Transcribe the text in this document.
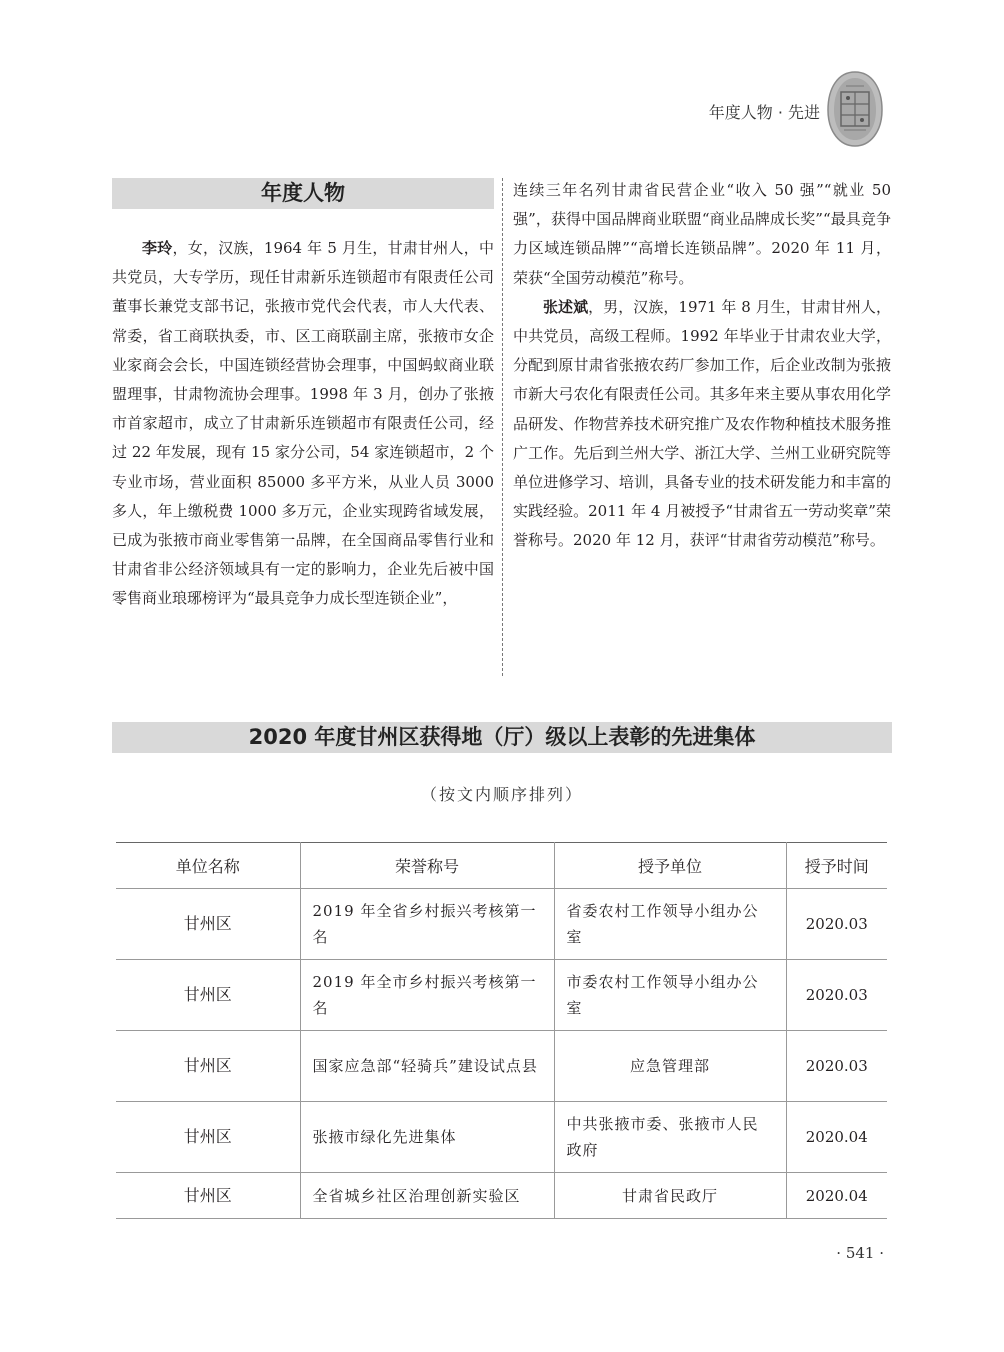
年度人物 · 先进
年度人物

李玲，女，汉族，1964 年 5 月生，甘肃甘州人，中共党员，大专学历，现任甘肃新乐连锁超市有限责任公司董事长兼党支部书记，张掖市党代会代表，市人大代表、常委，省工商联执委，市、区工商联副主席，张掖市女企业家商会会长，中国连锁经营协会理事，中国蚂蚁商业联盟理事，甘肃物流协会理事。1998 年 3 月，创办了张掖市首家超市，成立了甘肃新乐连锁超市有限责任公司，经过 22 年发展，现有 15 家分公司，54 家连锁超市，2 个专业市场，营业面积 85000 多平方米，从业人员 3000 多人，年上缴税费 1000 多万元，企业实现跨省域发展，已成为张掖市商业零售第一品牌，在全国商品零售行业和甘肃省非公经济领域具有一定的影响力，企业先后被中国零售商业琅琊榜评为“最具竞争力成长型连锁企业”，

连续三年名列甘肃省民营企业“收入 50 强”“就业 50 强”，获得中国品牌商业联盟“商业品牌成长奖”“最具竞争力区域连锁品牌”“高增长连锁品牌”。2020 年 11 月，荣获“全国劳动模范”称号。

张述斌，男，汉族，1971 年 8 月生，甘肃甘州人，中共党员，高级工程师。1992 年毕业于甘肃农业大学，分配到原甘肃省张掖农药厂参加工作，后企业改制为张掖市新大弓农化有限责任公司。其多年来主要从事农用化学品研发、作物营养技术研究推广及农作物种植技术服务推广工作。先后到兰州大学、浙江大学、兰州工业研究院等单位进修学习、培训，具备专业的技术研发能力和丰富的实践经验。2011 年 4 月被授予“甘肃省五一劳动奖章”荣誉称号。2020 年 12 月，获评“甘肃省劳动模范”称号。

2020 年度甘州区获得地（厅）级以上表彰的先进集体
（按文内顺序排列）
单位名称	荣誉称号	授予单位	授予时间
甘州区	2019 年全省乡村振兴考核第一名	省委农村工作领导小组办公室	2020.03
甘州区	2019 年全市乡村振兴考核第一名	市委农村工作领导小组办公室	2020.03
甘州区	国家应急部“轻骑兵”建设试点县	应急管理部	2020.03
甘州区	张掖市绿化先进集体	中共张掖市委、张掖市人民政府	2020.04
甘州区	全省城乡社区治理创新实验区	甘肃省民政厅	2020.04
· 541 ·
